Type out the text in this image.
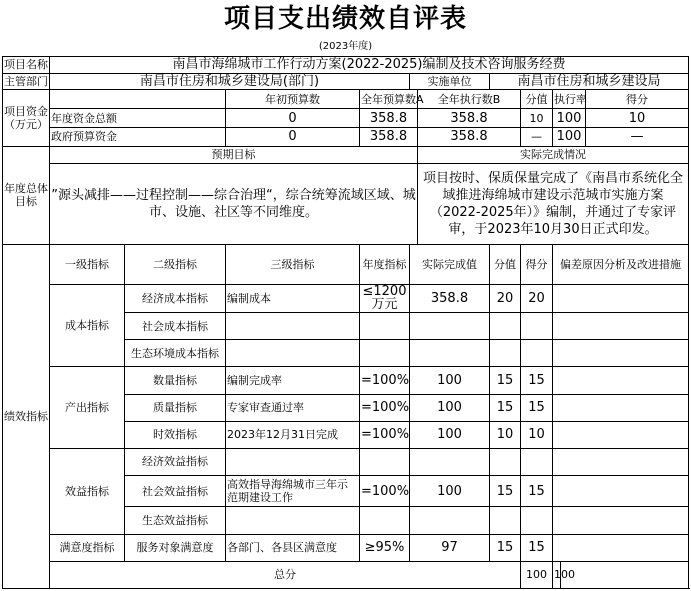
项目支出绩效自评表
(2023年度)
项目名称	南昌市海绵城市工作行动方案(2022-2025)编制及技术咨询服务经费										
主管部门	南昌市住房和城乡建设局(部门)				实施单位		南昌市住房和城乡建设局				
项目资金（万元）			年初预算数	全年预算数A		全年执行数B		分值	执行率		得分
	年度资金总额		0	358.8		358.8		10	100		10
	政府预算资金		0	358.8		358.8		—	100		—
年度总体目标	预期目标					实际完成情况					
	”源头减排——过程控制——综合治理“，综合统筹流域区域、城市、设施、社区等不同维度。					项目按时、保质保量完成了《南昌市系统化全域推进海绵城市建设示范城市实施方案（2022-2025年）》编制，并通过了专家评审，于2023年10月30日正式印发。					
绩效指标	一级指标	二级指标	三级指标	年度指标	实际完成值		分值	得分	偏差原因分析及改进措施		
	成本指标	经济成本指标	编制成本	≤1200万元	358.8		20	20			
		社会成本指标									
		生态环境成本指标									
	产出指标	数量指标	编制完成率	=100%	100		15	15			
		质量指标	专家审查通过率	=100%	100		15	15			
		时效指标	2023年12月31日完成	=100%	100		10	10			
	效益指标	经济效益指标									
		社会效益指标	高效指导海绵城市三年示范期建设工作	=100%	100		15	15			
		生态效益指标									
	满意度指标	服务对象满意度	各部门、各县区满意度	≥95%	97		15	15			
	总分							100	100		
